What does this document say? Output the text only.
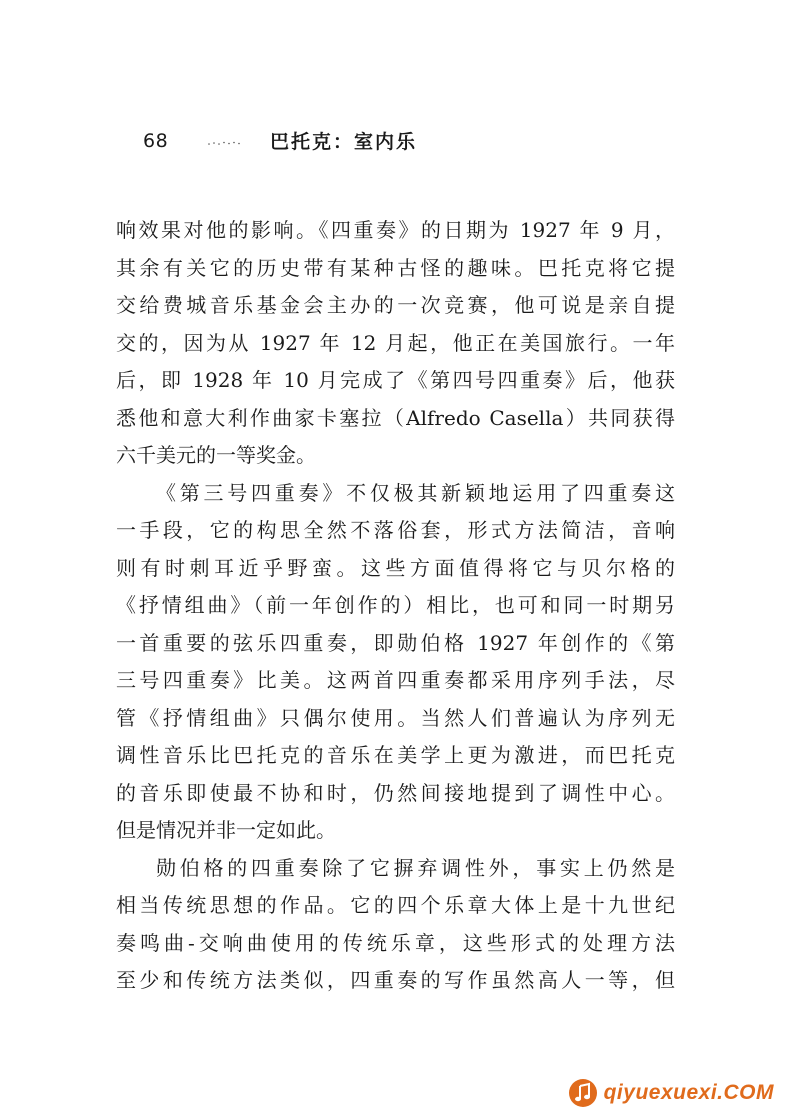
68	巴托克：室内乐
响效果对他的影响。《四重奏》的日期为 1927 年 9 月，
其余有关它的历史带有某种古怪的趣味。巴托克将它提
交给费城音乐基金会主办的一次竞赛，他可说是亲自提
交的，因为从 1927 年 12 月起，他正在美国旅行。一年
后，即 1928 年 10 月完成了《第四号四重奏》后，他获
悉他和意大利作曲家卡塞拉（Alfredo Casella）共同获得
六千美元的一等奖金。
《第三号四重奏》不仅极其新颖地运用了四重奏这
一手段，它的构思全然不落俗套，形式方法简洁，音响
则有时刺耳近乎野蛮。这些方面值得将它与贝尔格的
《抒情组曲》（前一年创作的）相比，也可和同一时期另
一首重要的弦乐四重奏，即勋伯格 1927 年创作的《第
三号四重奏》比美。这两首四重奏都采用序列手法，尽
管《抒情组曲》只偶尔使用。当然人们普遍认为序列无
调性音乐比巴托克的音乐在美学上更为激进，而巴托克
的音乐即使最不协和时，仍然间接地提到了调性中心。
但是情况并非一定如此。
勋伯格的四重奏除了它摒弃调性外，事实上仍然是
相当传统思想的作品。它的四个乐章大体上是十九世纪
奏鸣曲-交响曲使用的传统乐章，这些形式的处理方法
至少和传统方法类似，四重奏的写作虽然高人一等，但
qiyuexuexi.COM
